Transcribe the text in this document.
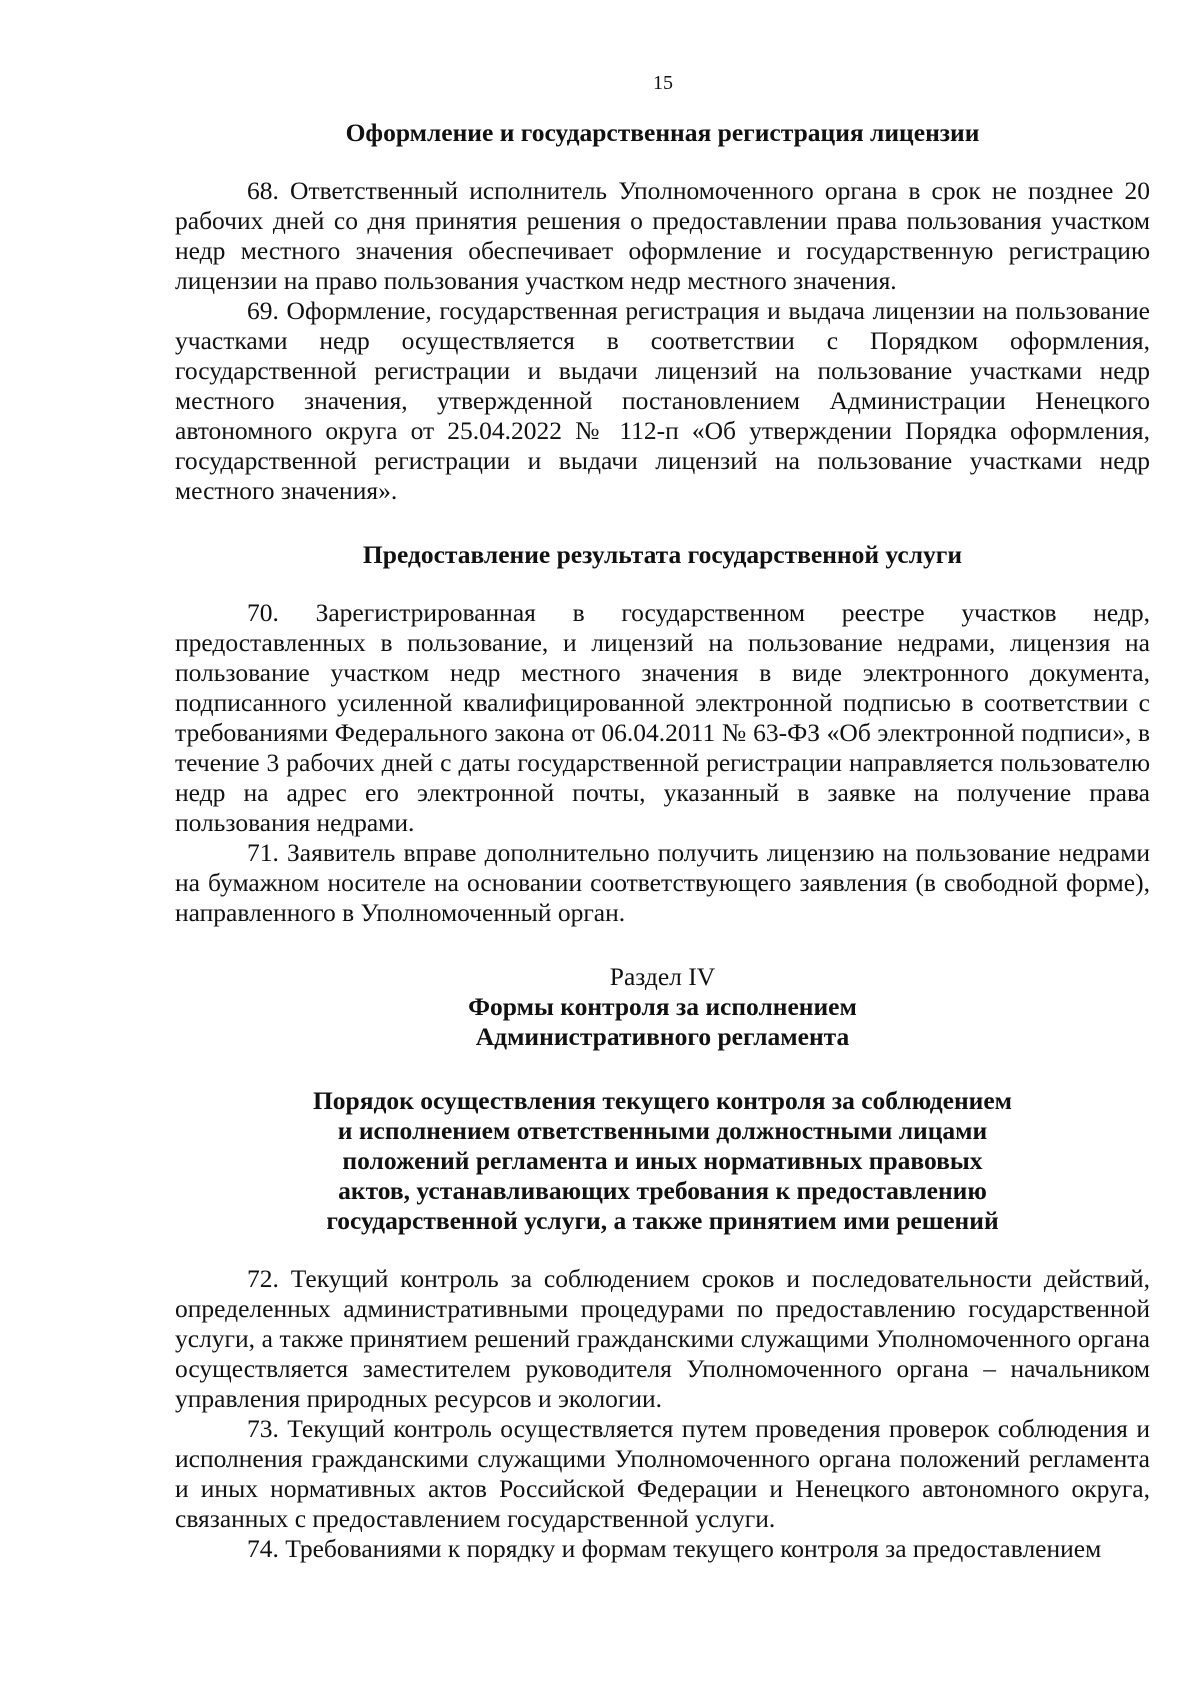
15

Оформление и государственная регистрация лицензии

68. Ответственный исполнитель Уполномоченного органа в срок не позднее 20 рабочих дней со дня принятия решения о предоставлении права пользования участком недр местного значения обеспечивает оформление и государственную регистрацию лицензии на право пользования участком недр местного значения.

69. Оформление, государственная регистрация и выдача лицензии на пользование участками недр осуществляется в соответствии с Порядком оформления, государственной регистрации и выдачи лицензий на пользование участками недр местного значения, утвержденной постановлением Администрации Ненецкого автономного округа от 25.04.2022 № 112-п «Об утверждении Порядка оформления, государственной регистрации и выдачи лицензий на пользование участками недр местного значения».

Предоставление результата государственной услуги

70. Зарегистрированная в государственном реестре участков недр, предоставленных в пользование, и лицензий на пользование недрами, лицензия на пользование участком недр местного значения в виде электронного документа, подписанного усиленной квалифицированной электронной подписью в соответствии с требованиями Федерального закона от 06.04.2011 № 63-ФЗ «Об электронной подписи», в течение 3 рабочих дней с даты государственной регистрации направляется пользователю недр на адрес его электронной почты, указанный в заявке на получение права пользования недрами.

71. Заявитель вправе дополнительно получить лицензию на пользование недрами на бумажном носителе на основании соответствующего заявления (в свободной форме), направленного в Уполномоченный орган.

Раздел IV

Формы контроля за исполнением

Административного регламента

Порядок осуществления текущего контроля за соблюдением

и исполнением ответственными должностными лицами

положений регламента и иных нормативных правовых

актов, устанавливающих требования к предоставлению

государственной услуги, а также принятием ими решений

72. Текущий контроль за соблюдением сроков и последовательности действий, определенных административными процедурами по предоставлению государственной услуги, а также принятием решений гражданскими служащими Уполномоченного органа осуществляется заместителем руководителя Уполномоченного органа – начальником управления природных ресурсов и экологии.

73. Текущий контроль осуществляется путем проведения проверок соблюдения и исполнения гражданскими служащими Уполномоченного органа положений регламента и иных нормативных актов Российской Федерации и Ненецкого автономного округа, связанных с предоставлением государственной услуги.

74. Требованиями к порядку и формам текущего контроля за предоставлением
